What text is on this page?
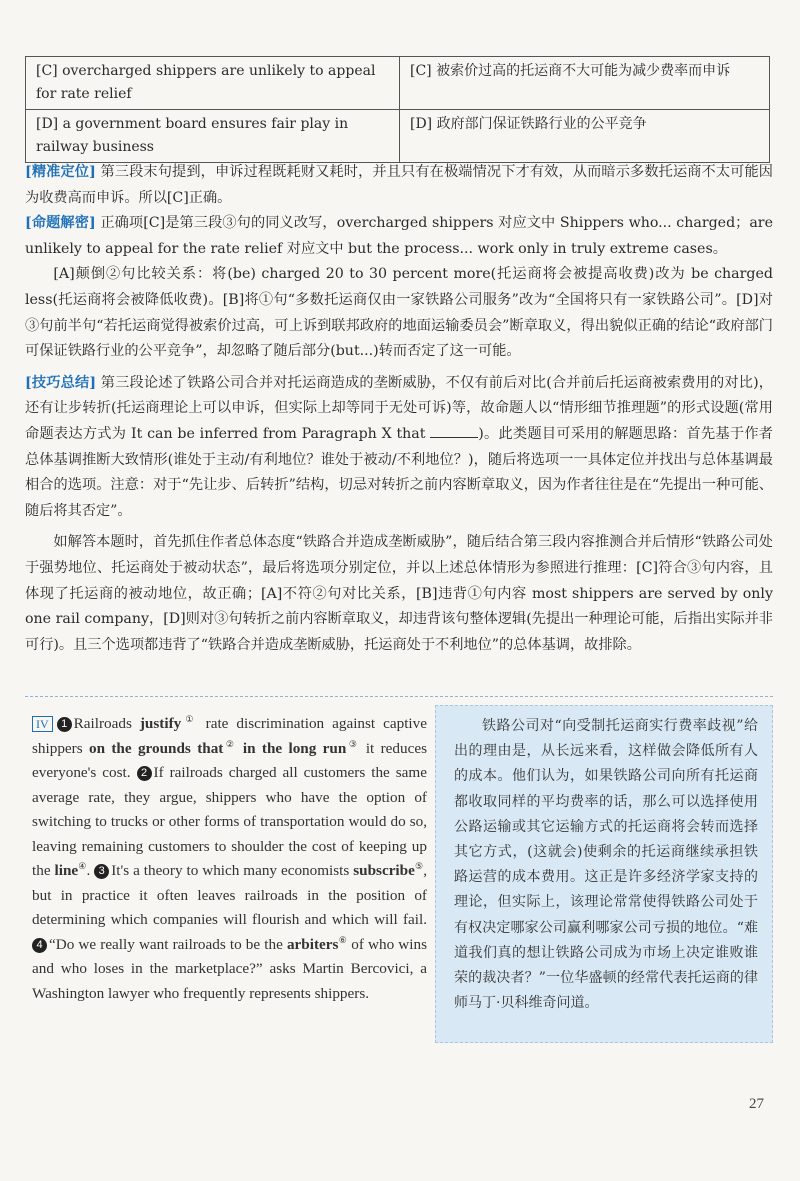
[C] overcharged shippers are unlikely to appeal for rate relief	[C] 被索价过高的托运商不大可能为减少费率而申诉
[D] a government board ensures fair play in railway business	[D] 政府部门保证铁路行业的公平竞争

[精准定位] 第三段末句提到，申诉过程既耗财又耗时，并且只有在极端情况下才有效，从而暗示多数托运商不太可能因为收费高而申诉。所以[C]正确。

[命题解密] 正确项[C]是第三段③句的同义改写，overcharged shippers 对应文中 Shippers who... charged；are unlikely to appeal for the rate relief 对应文中 but the process... work only in truly extreme cases。

[A]颠倒②句比较关系：将(be) charged 20 to 30 percent more(托运商将会被提高收费)改为 be charged less(托运商将会被降低收费)。[B]将①句“多数托运商仅由一家铁路公司服务”改为“全国将只有一家铁路公司”。[D]对③句前半句“若托运商觉得被索价过高，可上诉到联邦政府的地面运输委员会”断章取义，得出貌似正确的结论“政府部门可保证铁路行业的公平竞争”，却忽略了随后部分(but...)转而否定了这一可能。

[技巧总结] 第三段论述了铁路公司合并对托运商造成的垄断威胁，不仅有前后对比(合并前后托运商被索费用的对比)，还有让步转折(托运商理论上可以申诉，但实际上却等同于无处可诉)等，故命题人以“情形细节推理题”的形式设题(常用命题表达方式为 It can be inferred from Paragraph X that	)。此类题目可采用的解题思路：首先基于作者总体基调推断大致情形(谁处于主动/有利地位？谁处于被动/不利地位？)，随后将选项一一具体定位并找出与总体基调最相合的选项。注意：对于“先让步、后转折”结构，切忌对转折之前内容断章取义，因为作者往往是在“先提出一种可能、随后将其否定”。

如解答本题时，首先抓住作者总体态度“铁路合并造成垄断威胁”，随后结合第三段内容推测合并后情形“铁路公司处于强势地位、托运商处于被动状态”，最后将选项分别定位，并以上述总体情形为参照进行推理：[C]符合③句内容，且体现了托运商的被动地位，故正确；[A]不符②句对比关系，[B]违背①句内容 most shippers are served by only one rail company，[D]则对③句转折之前内容断章取义，却违背该句整体逻辑(先提出一种理论可能，后指出实际并非可行)。且三个选项都违背了“铁路合并造成垄断威胁，托运商处于不利地位”的总体基调，故排除。

IV 1 Railroads justify① rate discrimination against captive shippers on the grounds that② in the long run③ it reduces everyone's cost. 2 If railroads charged all customers the same average rate, they argue, shippers who have the option of switching to trucks or other forms of transportation would do so, leaving remaining customers to shoulder the cost of keeping up the line④. 3 It's a theory to which many economists subscribe⑤, but in practice it often leaves railroads in the position of determining which companies will flourish and which will fail. 4 “Do we really want railroads to be the arbiters⑥ of who wins and who loses in the marketplace?” asks Martin Bercovici, a Washington lawyer who frequently represents shippers.

铁路公司对“向受制托运商实行费率歧视”给出的理由是，从长远来看，这样做会降低所有人的成本。他们认为，如果铁路公司向所有托运商都收取同样的平均费率的话，那么可以选择使用公路运输或其它运输方式的托运商将会转而选择其它方式，(这就会)使剩余的托运商继续承担铁路运营的成本费用。这正是许多经济学家支持的理论，但实际上，该理论常常使得铁路公司处于有权决定哪家公司赢利哪家公司亏损的地位。“难道我们真的想让铁路公司成为市场上决定谁败谁荣的裁决者？”一位华盛顿的经常代表托运商的律师马丁·贝科维奇问道。

27
